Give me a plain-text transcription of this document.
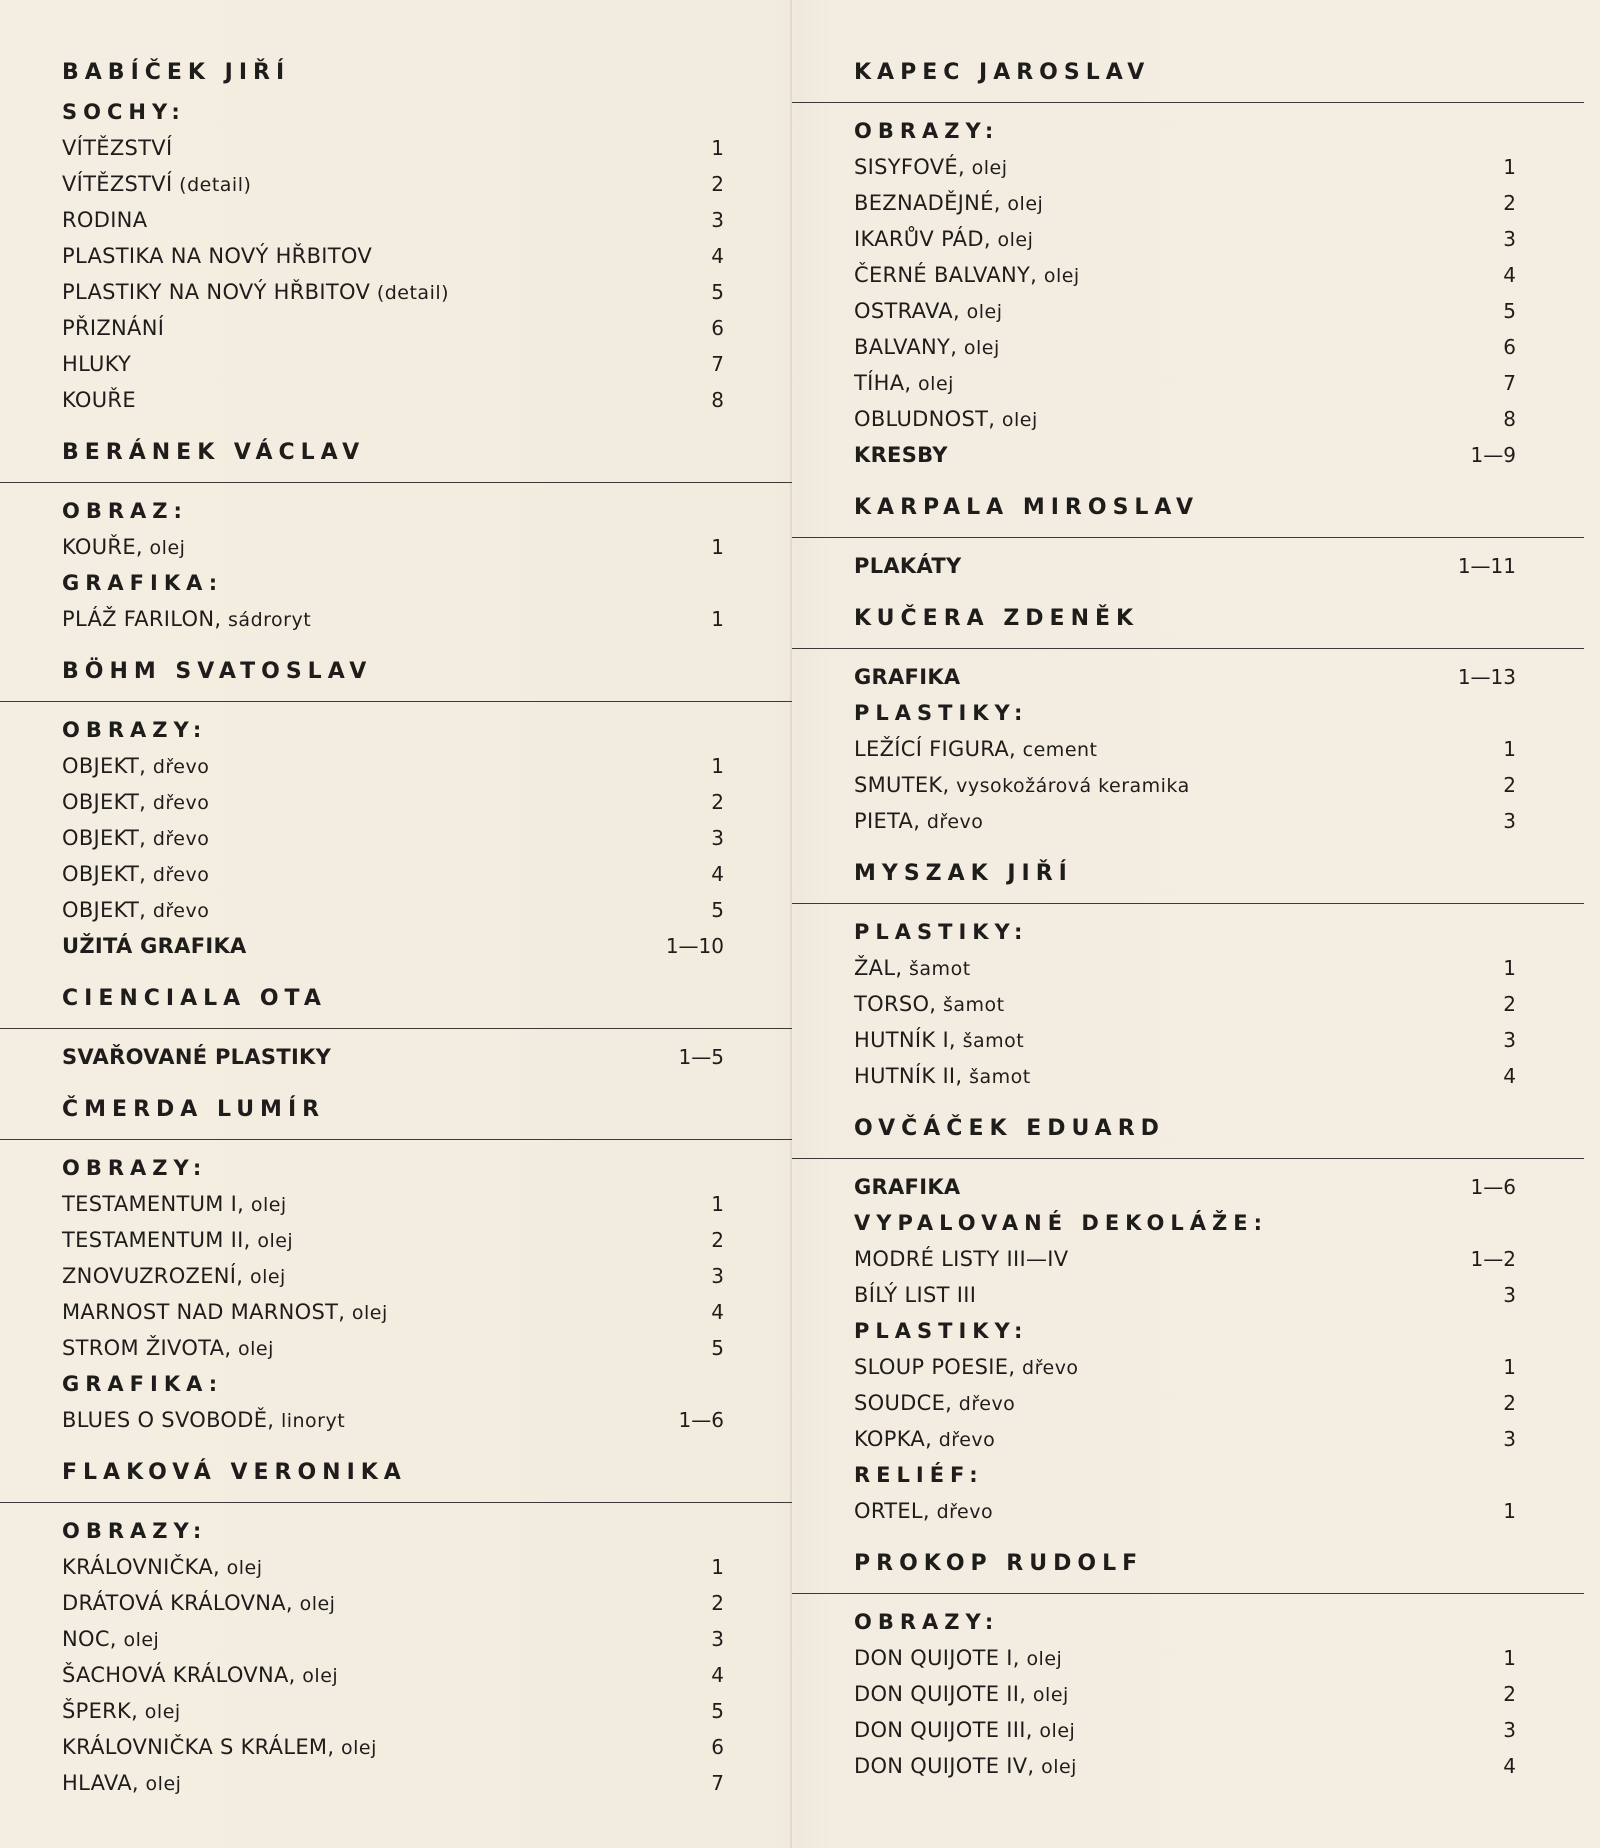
BABÍČEK JIŘÍ
SOCHY:
VÍTĚZSTVÍ	1
VÍTĚZSTVÍ (detail)	2
RODINA	3
PLASTIKA NA NOVÝ HŘBITOV	4
PLASTIKY NA NOVÝ HŘBITOV (detail)	5
PŘIZNÁNÍ	6
HLUKY	7
KOUŘE	8
BERÁNEK VÁCLAV
OBRAZ:
KOUŘE, olej	1
GRAFIKA:
PLÁŽ FARILON, sádroryt	1
BÖHM SVATOSLAV
OBRAZY:
OBJEKT, dřevo	1
OBJEKT, dřevo	2
OBJEKT, dřevo	3
OBJEKT, dřevo	4
OBJEKT, dřevo	5
UŽITÁ GRAFIKA	1—10
CIENCIALA OTA
SVAŘOVANÉ PLASTIKY	1—5
ČMERDA LUMÍR
OBRAZY:
TESTAMENTUM I, olej	1
TESTAMENTUM II, olej	2
ZNOVUZROZENÍ, olej	3
MARNOST NAD MARNOST, olej	4
STROM ŽIVOTA, olej	5
GRAFIKA:
BLUES O SVOBODĚ, linoryt	1—6
FLAKOVÁ VERONIKA
OBRAZY:
KRÁLOVNIČKA, olej	1
DRÁTOVÁ KRÁLOVNA, olej	2
NOC, olej	3
ŠACHOVÁ KRÁLOVNA, olej	4
ŠPERK, olej	5
KRÁLOVNIČKA S KRÁLEM, olej	6
HLAVA, olej	7
KAPEC JAROSLAV
OBRAZY:
SISYFOVÉ, olej	1
BEZNADĚJNÉ, olej	2
IKARŮV PÁD, olej	3
ČERNÉ BALVANY, olej	4
OSTRAVA, olej	5
BALVANY, olej	6
TÍHA, olej	7
OBLUDNOST, olej	8
KRESBY	1—9
KARPALA MIROSLAV
PLAKÁTY	1—11
KUČERA ZDENĚK
GRAFIKA	1—13
PLASTIKY:
LEŽÍCÍ FIGURA, cement	1
SMUTEK, vysokožárová keramika	2
PIETA, dřevo	3
MYSZAK JIŘÍ
PLASTIKY:
ŽAL, šamot	1
TORSO, šamot	2
HUTNÍK I, šamot	3
HUTNÍK II, šamot	4
OVČÁČEK EDUARD
GRAFIKA	1—6
VYPALOVANÉ DEKOLÁŽE:
MODRÉ LISTY III—IV	1—2
BÍLÝ LIST III	3
PLASTIKY:
SLOUP POESIE, dřevo	1
SOUDCE, dřevo	2
KOPKA, dřevo	3
RELIÉF:
ORTEL, dřevo	1
PROKOP RUDOLF
OBRAZY:
DON QUIJOTE I, olej	1
DON QUIJOTE II, olej	2
DON QUIJOTE III, olej	3
DON QUIJOTE IV, olej	4
